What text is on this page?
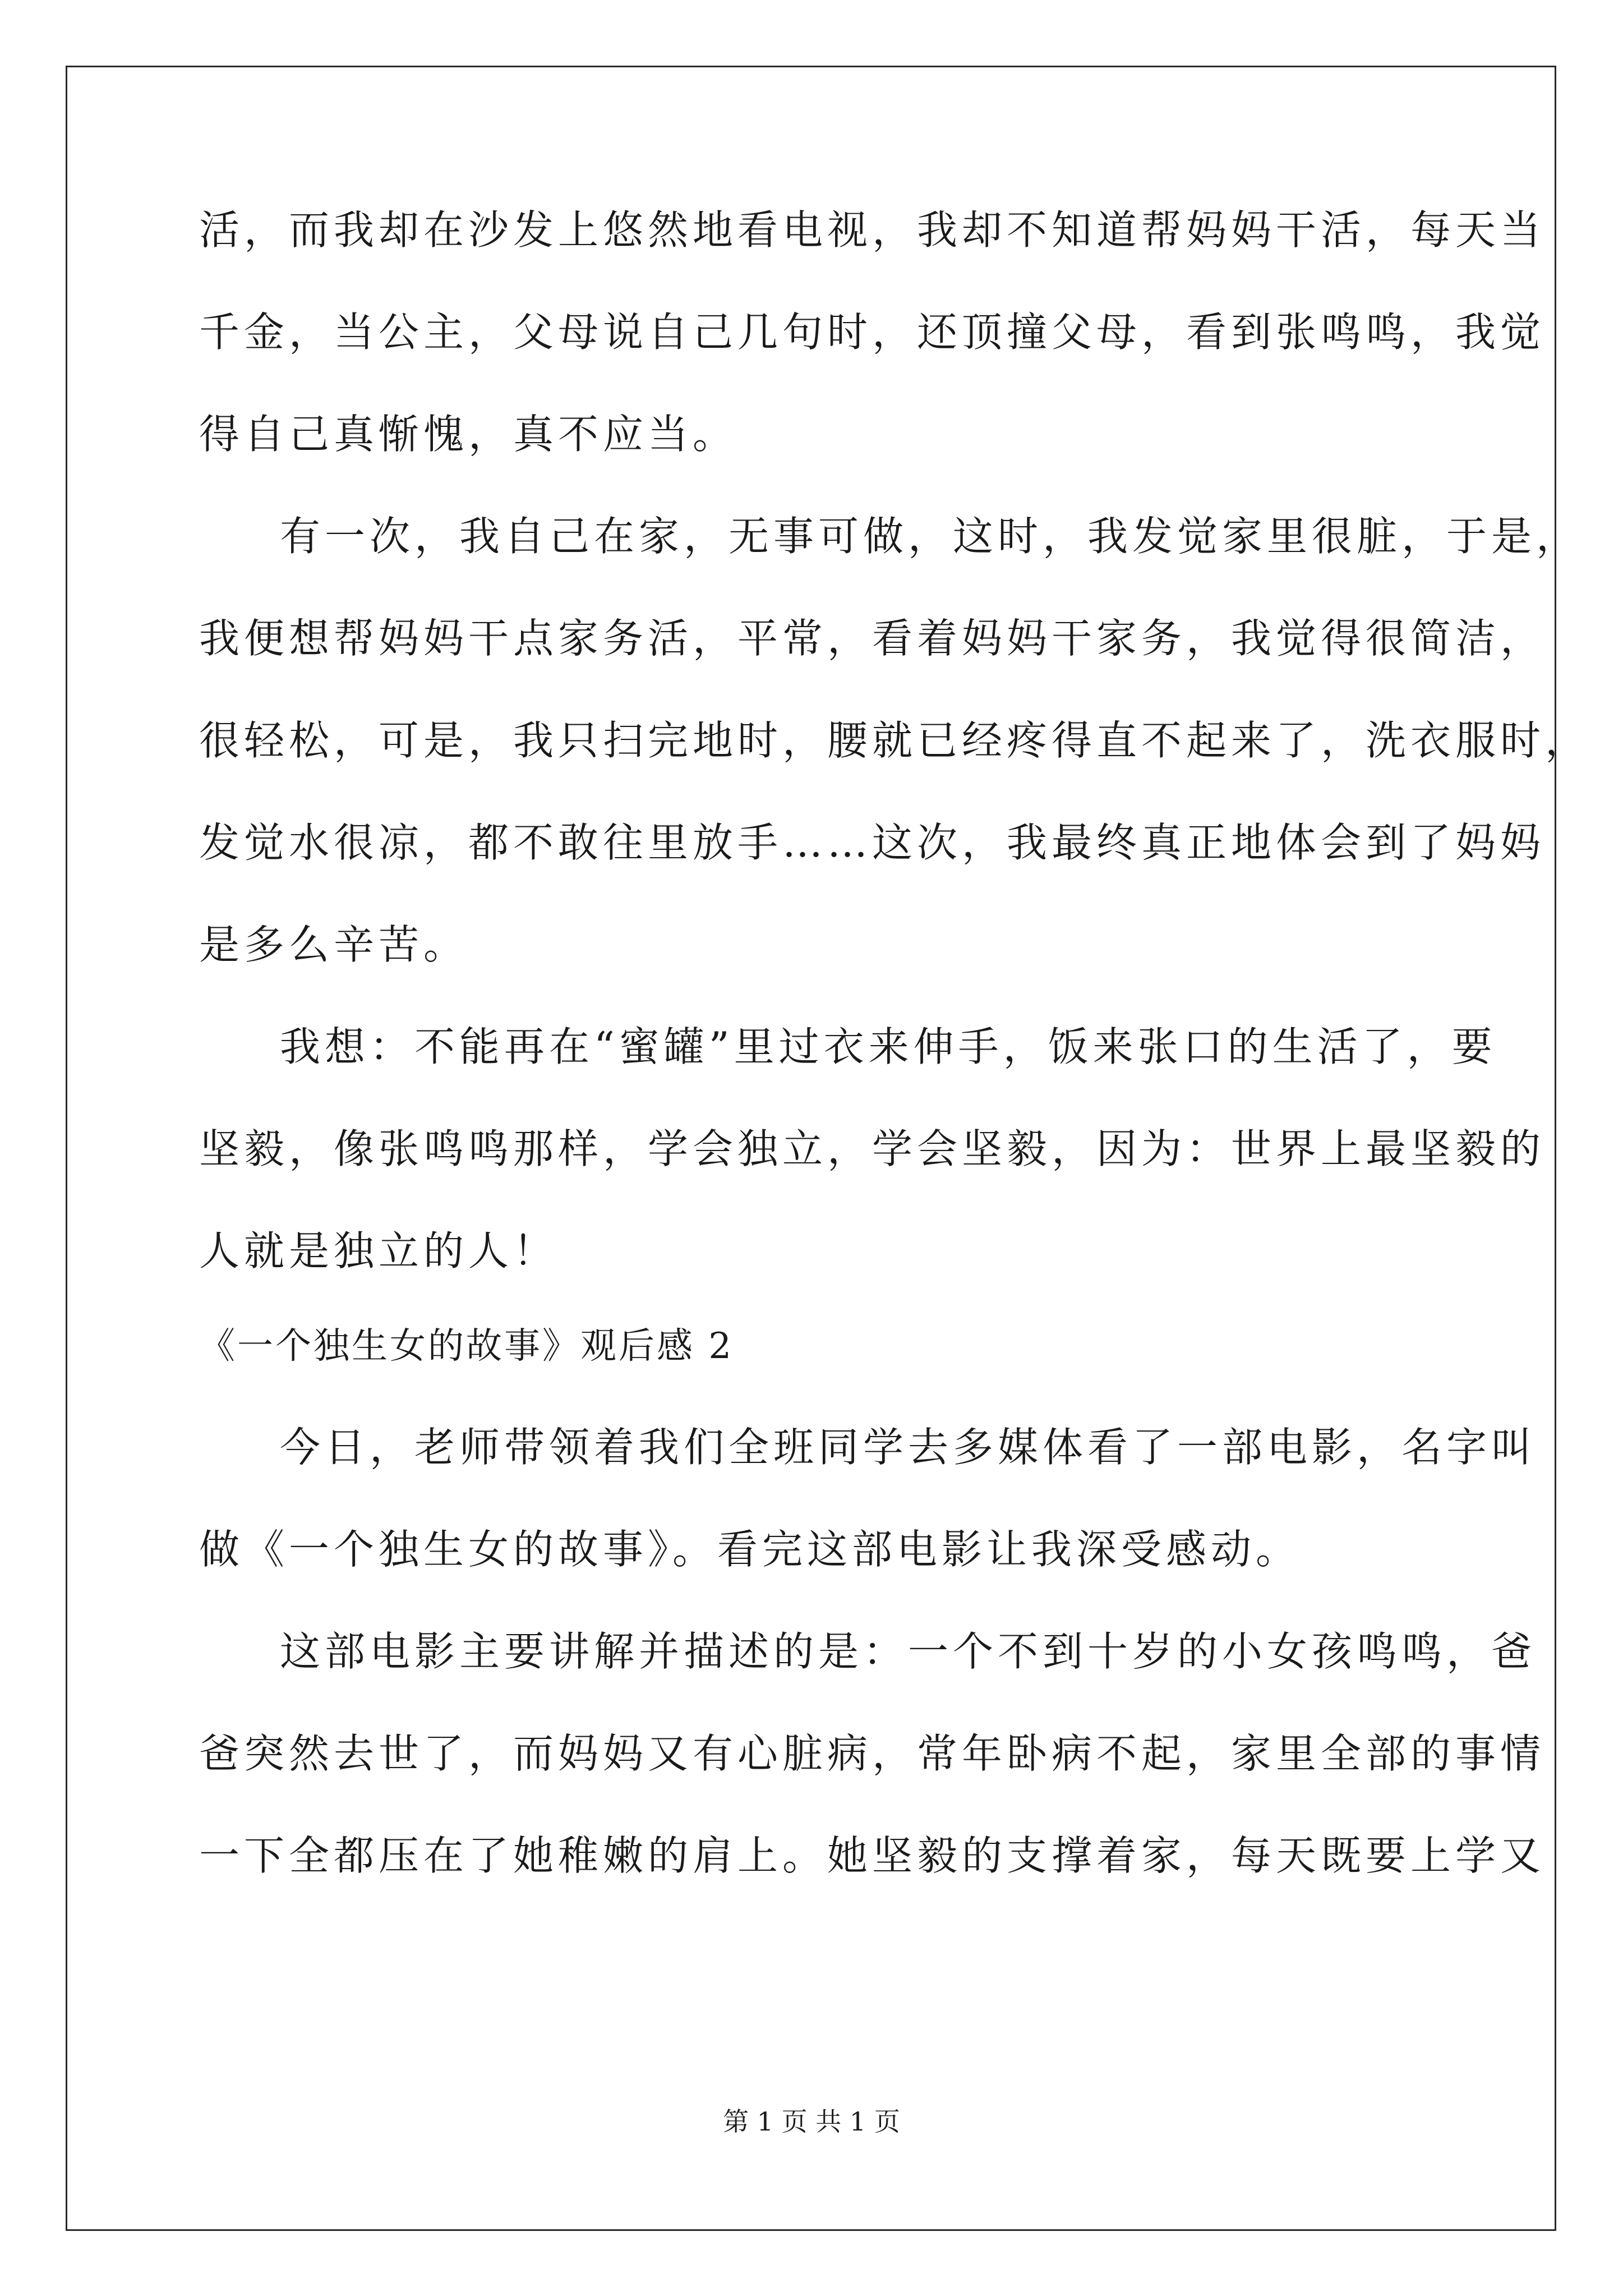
活，而我却在沙发上悠然地看电视，我却不知道帮妈妈干活，每天当
千金，当公主，父母说自己几句时，还顶撞父母，看到张鸣鸣，我觉
得自己真惭愧，真不应当。
有一次，我自己在家，无事可做，这时，我发觉家里很脏，于是，
我便想帮妈妈干点家务活，平常，看着妈妈干家务，我觉得很简洁，
很轻松，可是，我只扫完地时，腰就已经疼得直不起来了，洗衣服时，
发觉水很凉，都不敢往里放手……这次，我最终真正地体会到了妈妈
是多么辛苦。
我想：不能再在“蜜罐”里过衣来伸手，饭来张口的生活了，要
坚毅，像张鸣鸣那样，学会独立，学会坚毅，因为：世界上最坚毅的
人就是独立的人！
《一个独生女的故事》观后感 2
今日，老师带领着我们全班同学去多媒体看了一部电影，名字叫
做《一个独生女的故事》。看完这部电影让我深受感动。
这部电影主要讲解并描述的是：一个不到十岁的小女孩鸣鸣，爸
爸突然去世了，而妈妈又有心脏病，常年卧病不起，家里全部的事情
一下全都压在了她稚嫩的肩上。她坚毅的支撑着家，每天既要上学又
第 1 页 共 1 页
